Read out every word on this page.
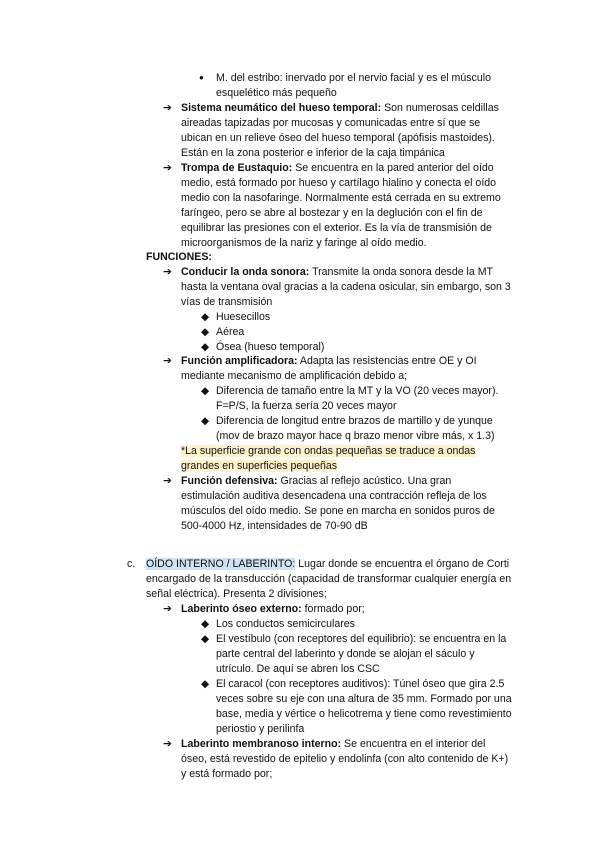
● M. del estribo: inervado por el nervio facial y es el músculo
esquelético más pequeño
➔ Sistema neumático del hueso temporal: Son numerosas celdillas
aireadas tapizadas por mucosas y comunicadas entre sí que se
ubican en un relieve óseo del hueso temporal (apófisis mastoides).
Están en la zona posterior e inferior de la caja timpánica
➔ Trompa de Eustaquio: Se encuentra en la pared anterior del oído
medio, está formado por hueso y cartílago hialino y conecta el oído
medio con la nasofaringe. Normalmente está cerrada en su extremo
faríngeo, pero se abre al bostezar y en la deglución con el fin de
equilibrar las presiones con el exterior. Es la vía de transmisión de
microorganismos de la nariz y faringe al oído medio.
FUNCIONES:
➔ Conducir la onda sonora: Transmite la onda sonora desde la MT
hasta la ventana oval gracias a la cadena osicular, sin embargo, son 3
vías de transmisión
◆ Huesecillos
◆ Aérea
◆ Ósea (hueso temporal)
➔ Función amplificadora: Adapta las resistencias entre OE y OI
mediante mecanismo de amplificación debido a;
◆ Diferencia de tamaño entre la MT y la VO (20 veces mayor).
F=P/S, la fuerza sería 20 veces mayor
◆ Diferencia de longitud entre brazos de martillo y de yunque
(mov de brazo mayor hace q brazo menor vibre más, x 1.3)
*La superficie grande con ondas pequeñas se traduce a ondas
grandes en superficies pequeñas
➔ Función defensiva: Gracias al reflejo acústico. Una gran
estimulación auditiva desencadena una contracción refleja de los
músculos del oído medio. Se pone en marcha en sonidos puros de
500-4000 Hz, intensidades de 70-90 dB
c. OÍDO INTERNO / LABERINTO: Lugar donde se encuentra el órgano de Corti
encargado de la transducción (capacidad de transformar cualquier energía en
señal eléctrica). Presenta 2 divisiones;
➔ Laberinto óseo externo: formado por;
◆ Los conductos semicirculares
◆ El vestíbulo (con receptores del equilibrio): se encuentra en la
parte central del laberinto y donde se alojan el sáculo y
utrículo. De aquí se abren los CSC
◆ El caracol (con receptores auditivos): Túnel óseo que gira 2.5
veces sobre su eje con una altura de 35 mm. Formado por una
base, media y vértice o helicotrema y tiene como revestimiento
periostio y perilinfa
➔ Laberinto membranoso interno: Se encuentra en el interior del
óseo, está revestido de epitelio y endolinfa (con alto contenido de K+)
y está formado por;
